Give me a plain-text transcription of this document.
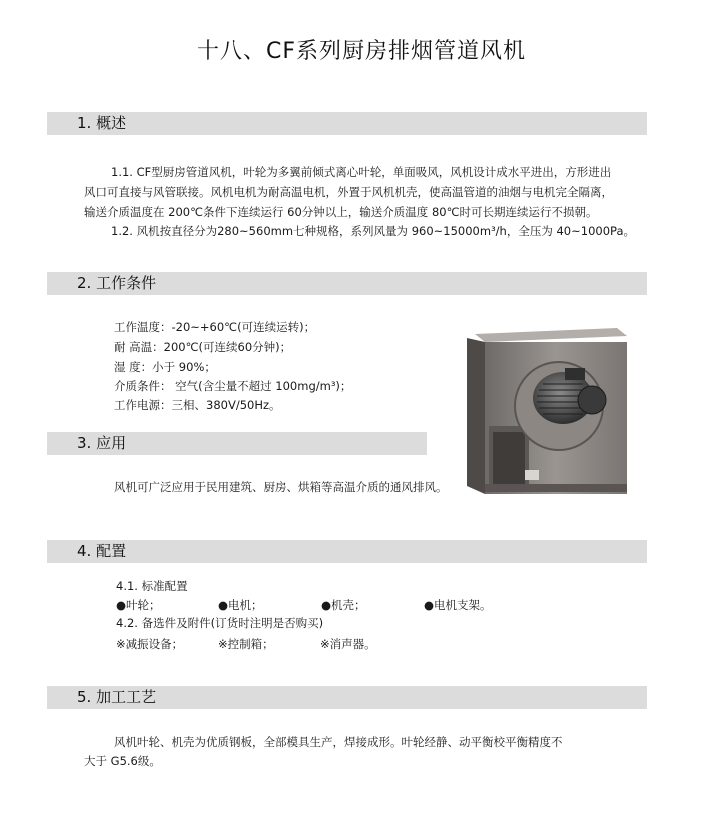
十八、CF系列厨房排烟管道风机
1. 概述
1.1. CF型厨房管道风机，叶轮为多翼前倾式离心叶轮，单面吸风，风机设计成水平进出，方形进出
风口可直接与风管联接。风机电机为耐高温电机，外置于风机机壳，使高温管道的油烟与电机完全隔离，
输送介质温度在 200℃条件下连续运行 60分钟以上，输送介质温度 80℃时可长期连续运行不损朝。
1.2. 风机按直径分为280~560mm七种规格，系列风量为 960~15000m³/h，全压为 40~1000Pa。
2. 工作条件
工作温度：-20~+60℃(可连续运转)；
耐 高温：200℃(可连续60分钟)；
湿 度：小于 90%；
介质条件： 空气(含尘量不超过 100mg/m³)；
工作电源：三相、380V/50Hz。
3. 应用
风机可广泛应用于民用建筑、厨房、烘箱等高温介质的通风排风。
4. 配置
4.1. 标准配置
●叶轮；	●电机；	●机壳；	●电机支架。
4.2. 备选件及附件(订货时注明是否购买)
※减振设备；	※控制箱；	※消声器。
5. 加工工艺
风机叶轮、机壳为优质钢板，全部模具生产，焊接成形。叶轮经静、动平衡校平衡精度不
大于 G5.6级。
